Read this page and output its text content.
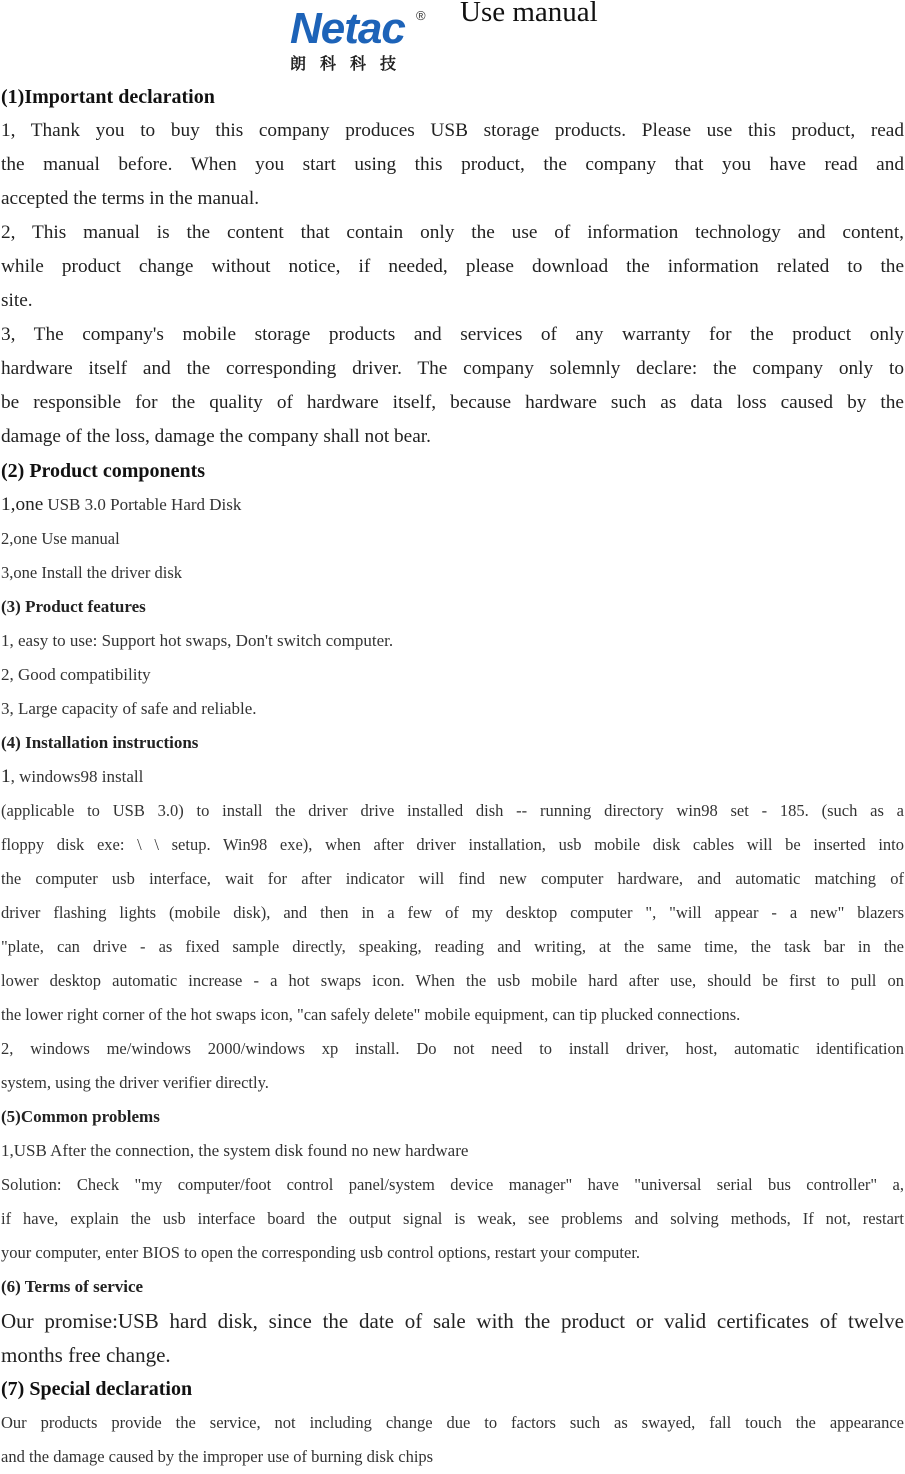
Netac ®
朗科科技
Use manual
(1)Important declaration
1, Thank you to buy this company produces USB storage products. Please use this product, read
the manual before. When you start using this product, the company that you have read and
accepted the terms in the manual.
2, This manual is the content that contain only the use of information technology and content,
while product change without notice, if needed, please download the information related to the
site.
3, The company's mobile storage products and services of any warranty for the product only
hardware itself and the corresponding driver. The company solemnly declare: the company only to
be responsible for the quality of hardware itself, because hardware such as data loss caused by the
damage of the loss, damage the company shall not bear.
(2) Product components
1,one USB 3.0 Portable Hard Disk
2,one Use manual
3,one Install the driver disk
(3) Product features
1, easy to use: Support hot swaps, Don't switch computer.
2, Good compatibility
3, Large capacity of safe and reliable.
(4) Installation instructions
1, windows98 install
(applicable to USB 3.0) to install the driver drive installed dish -- running directory win98 set - 185. (such as a
floppy disk exe: \ \ setup. Win98 exe), when after driver installation, usb mobile disk cables will be inserted into
the computer usb interface, wait for after indicator will find new computer hardware, and automatic matching of
driver flashing lights (mobile disk), and then in a few of my desktop computer ", "will appear - a new" blazers
"plate, can drive - as fixed sample directly, speaking, reading and writing, at the same time, the task bar in the
lower desktop automatic increase - a hot swaps icon. When the usb mobile hard after use, should be first to pull on
the lower right corner of the hot swaps icon, "can safely delete" mobile equipment, can tip plucked connections.
2, windows me/windows 2000/windows xp install. Do not need to install driver, host, automatic identification
system, using the driver verifier directly.
(5)Common problems
1,USB After the connection, the system disk found no new hardware
Solution: Check "my computer/foot control panel/system device manager" have "universal serial bus controller" a,
if have, explain the usb interface board the output signal is weak, see problems and solving methods, If not, restart
your computer, enter BIOS to open the corresponding usb control options, restart your computer.
(6) Terms of service
Our promise:USB hard disk, since the date of sale with the product or valid certificates of twelve
months free change.
(7) Special declaration
Our products provide the service, not including change due to factors such as swayed, fall touch the appearance
and the damage caused by the improper use of burning disk chips
